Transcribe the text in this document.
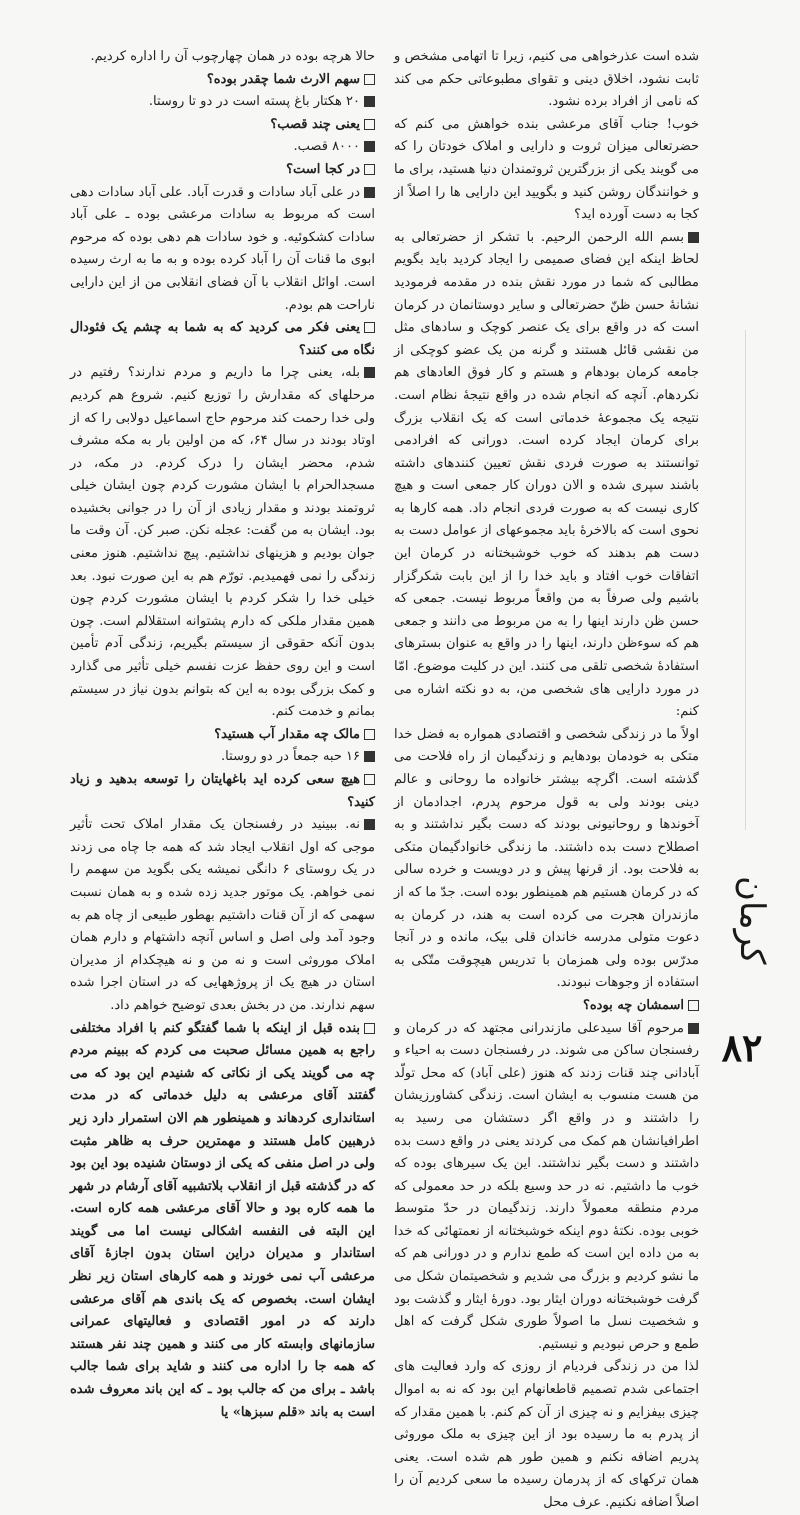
شده است عذرخواهی می کنیم، زیرا تا اتهامی مشخص و ثابت نشود، اخلاق دینی و تقوای مطبوعاتی حکم می کند که نامی از افراد برده نشود.

خوب! جناب آقای مرعشی بنده خواهش می کنم که حضرتعالی میزان ثروت و دارایی و املاک خودتان را که می گویند یکی از بزرگترین ثروتمندان دنیا هستید، برای ما و خوانندگان روشن کنید و بگویید این دارایی ها را اصلاً از کجا به دست آورده اید؟

بسم الله الرحمن الرحیم. با تشکر از حضرتعالی به لحاظ اینکه این فضای صمیمی را ایجاد کردید باید بگویم مطالبی که شما در مورد نقش بنده در مقدمه فرمودید نشانهٔ حسن ظنّ حضرتعالی و سایر دوستانمان در کرمان است که در واقع برای یک عنصر کوچک و سادهای مثل من نقشی قائل هستند و گرنه من یک عضو کوچکی از جامعه کرمان بودهام و هستم و کار فوق العادهای هم نکردهام. آنچه که انجام شده در واقع نتیجهٔ نظام است. نتیجه یک مجموعهٔ خدماتی است که یک انقلاب بزرگ برای کرمان ایجاد کرده است. دورانی که افرادمی توانستند به صورت فردی نقش تعیین کنندهای داشته باشند سپری شده و الان دوران کار جمعی است و هیچ کاری نیست که به صورت فردی انجام داد. همه کارها به نحوی است که بالاخرهٔ باید مجموعهای از عوامل دست به دست هم بدهند که خوب خوشبختانه در کرمان این اتفاقات خوب افتاد و باید خدا را از این بابت شکرگزار باشیم ولی صرفاً به من واقعاً مربوط نیست. جمعی که حسن ظن دارند اینها را به من مربوط می دانند و جمعی هم که سوءظن دارند، اینها را در واقع به عنوان بسترهای استفادهٔ شخصی تلقی می کنند. این در کلیت موضوع. امّا در مورد دارایی های شخصی من، به دو نکته اشاره می کنم:

اولاً ما در زندگی شخصی و اقتصادی همواره به فضل خدا متکی به خودمان بودهایم و زندگیمان از راه فلاحت می گذشته است. اگرچه بیشتر خانواده ما روحانی و عالم دینی بودند ولی به قول مرحوم پدرم، اجدادمان از آخوندها و روحانیونی بودند که دست بگیر نداشتند و به اصطلاح دست بده داشتند. ما زندگی خانوادگیمان متکی به فلاحت بود. از قرنها پیش و در دویست و خرده سالی که در کرمان هستیم هم همینطور بوده است. جدّ ما که از مازندران هجرت می کرده است به هند، در کرمان به دعوت متولی مدرسه خاندان قلی بیک، مانده و در آنجا مدرّس بوده ولی همزمان با تدریس هیچوقت متّکی به استفاده از وجوهات نبودند.

اسمشان چه بوده؟

مرحوم آقا سیدعلی مازندرانی مجتهد که در کرمان و رفسنجان ساکن می شوند. در رفسنجان دست به احیاء و آبادانی چند قنات زدند که هنوز (علی آباد) که محل تولّد من هست منسوب به ایشان است. زندگی کشاورزیشان را داشتند و در واقع اگر دستشان می رسید به اطرافیانشان هم کمک می کردند یعنی در واقع دست بده داشتند و دست بگیر نداشتند. این یک سیرهای بوده که خوب ما داشتیم. نه در حد وسیع بلکه در حد معمولی که مردم منطقه معمولاً دارند. زندگیمان در حدّ متوسط خوبی بوده. نکتهٔ دوم اینکه خوشبختانه از نعمتهائی که خدا به من داده این است که طمع ندارم و در دورانی هم که ما نشو کردیم و بزرگ می شدیم و شخصیتمان شکل می گرفت خوشبختانه دوران ایثار بود. دورهٔ ایثار و گذشت بود و شخصیت نسل ما اصولاً طوری شکل گرفت که اهل طمع و حرص نبودیم و نیستیم.

لذا من در زندگی فردیام از روزی که وارد فعالیت های اجتماعی شدم تصمیم قاطعانهام این بود که نه به اموال چیزی بیفزایم و نه چیزی از آن کم کنم. با همین مقدار که از پدرم به ما رسیده بود از این چیزی به ملک موروثی پدریم اضافه نکنم و همین طور هم شده است. یعنی همان ترکهای که از پدرمان رسیده ما سعی کردیم آن را اصلاً اضافه نکنیم. عرف محل

حالا هرچه بوده در همان چهارچوب آن را اداره کردیم.

سهم الارث شما چقدر بوده؟

۲۰ هکتار باغ پسته است در دو تا روستا.

یعنی چند قصب؟

۸۰۰۰ قصب.

در کجا است؟

در علی آباد سادات و قدرت آباد. علی آباد سادات دهی است که مربوط به سادات مرعشی بوده ـ علی آباد سادات کشکوئیه. و خود سادات هم دهی بوده که مرحوم ابوی ما قنات آن را آباد کرده بوده و به ما به ارث رسیده است. اوائل انقلاب با آن فضای انقلابی من از این دارایی ناراحت هم بودم.

یعنی فکر می کردید که به شما به چشم یک فئودال نگاه می کنند؟

بله، یعنی چرا ما داریم و مردم ندارند؟ رفتیم در مرحلهای که مقدارش را توزیع کنیم. شروع هم کردیم ولی خدا رحمت کند مرحوم حاج اسماعیل دولابی را که از اوتاد بودند در سال ۶۴، که من اولین بار به مکه مشرف شدم، محضر ایشان را درک کردم. در مکه، در مسجدالحرام با ایشان مشورت کردم چون ایشان خیلی ثروتمند بودند و مقدار زیادی از آن را در جوانی بخشیده بود. ایشان به من گفت: عجله نکن. صبر کن. آن وقت ما جوان بودیم و هزینهای نداشتیم. پیچ نداشتیم. هنوز معنی زندگی را نمی فهمیدیم. تورّم هم به این صورت نبود. بعد خیلی خدا را شکر کردم با ایشان مشورت کردم چون همین مقدار ملکی که دارم پشتوانه استقلالم است. چون بدون آنکه حقوقی از سیستم بگیریم، زندگی آدم تأمین است و این روی حفظ عزت نفسم خیلی تأثیر می گذارد و کمک بزرگی بوده به این که بتوانم بدون نیاز در سیستم بمانم و خدمت کنم.

مالک چه مقدار آب هستید؟

۱۶ حبه جمعاً در دو روستا.

هیچ سعی کرده اید باغهایتان را توسعه بدهید و زیاد کنید؟

نه. ببینید در رفسنجان یک مقدار املاک تحت تأثیر موجی که اول انقلاب ایجاد شد که همه جا چاه می زدند در یک روستای ۶ دانگی نمیشه یکی بگوید من سهمم را نمی خواهم. یک موتور جدید زده شده و به همان نسبت سهمی که از آن قنات داشتیم بهطور طبیعی از چاه هم به وجود آمد ولی اصل و اساس آنچه داشتهام و دارم همان املاک موروثی است و نه من و نه هیچکدام از مدیران استان در هیچ یک از پروژههایی که در استان اجرا شده سهم ندارند. من در بخش بعدی توضیح خواهم داد.

بنده قبل از اینکه با شما گفتگو کنم با افراد مختلفی راجع به همین مسائل صحبت می کردم که ببینم مردم چه می گویند یکی از نکاتی که شنیدم این بود که می گفتند آقای مرعشی به دلیل خدماتی که در مدت استانداری کردهاند و همینطور هم الان استمرار دارد زیر ذرهبین کامل هستند و مهمترین حرف به ظاهر مثبت ولی در اصل منفی که یکی از دوستان شنیده بود این بود که در گذشته قبل از انقلاب بلاتشبیه آقای آرشام در شهر ما همه کاره بود و حالا آقای مرعشی همه کاره است. این البته فی النفسه اشکالی نیست اما می گویند استاندار و مدیران دراین استان بدون اجازهٔ آقای مرعشی آب نمی خورند و همه کارهای استان زیر نظر ایشان است. بخصوص که یک باندی هم آقای مرعشی دارند که در امور اقتصادی و فعالیتهای عمرانی سازمانهای وابسته کار می کنند و همین چند نفر هستند که همه جا را اداره می کنند و شاید برای شما جالب باشد ـ برای من که جالب بود ـ که این باند معروف شده است به باند «قلم سبزها» یا

کرمان
۸۲
